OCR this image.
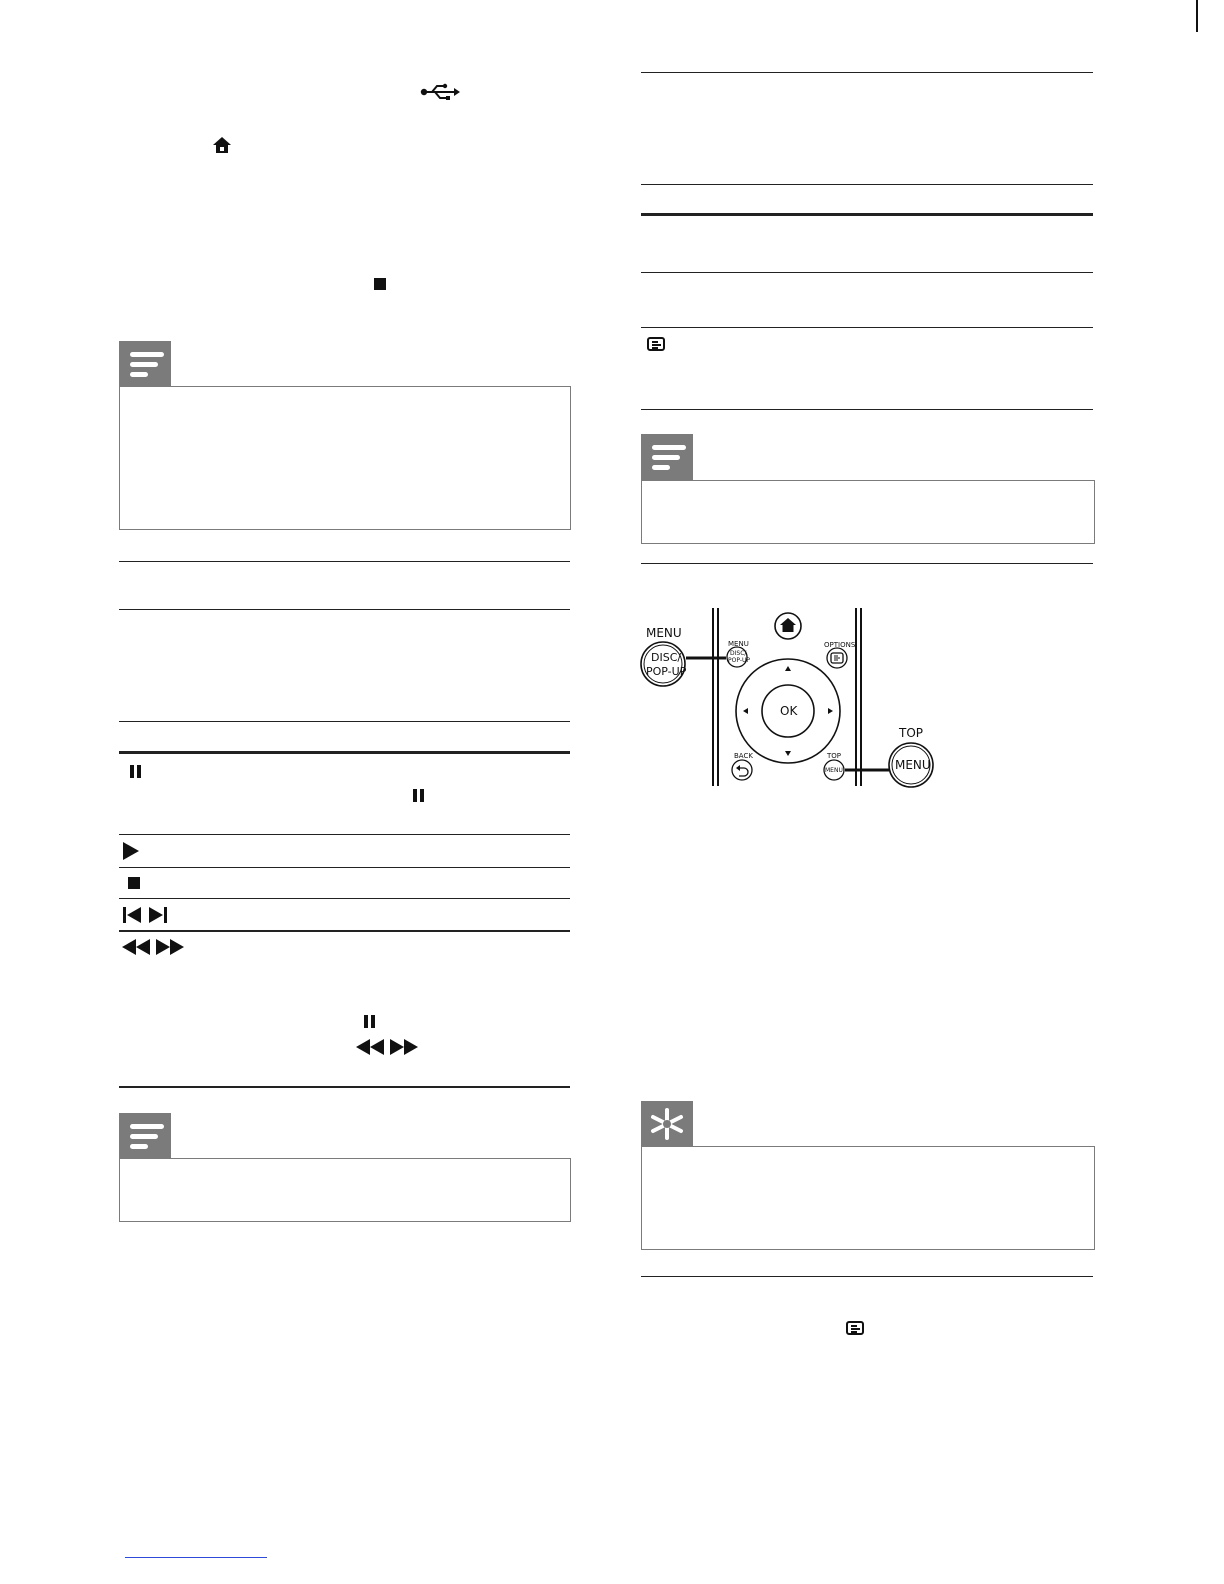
MENU
DISC/
POP-UP
TOP
MENU
MENU
DISC/
POP-UP
OPTIONS
BACK	TOP
MENU
OK
